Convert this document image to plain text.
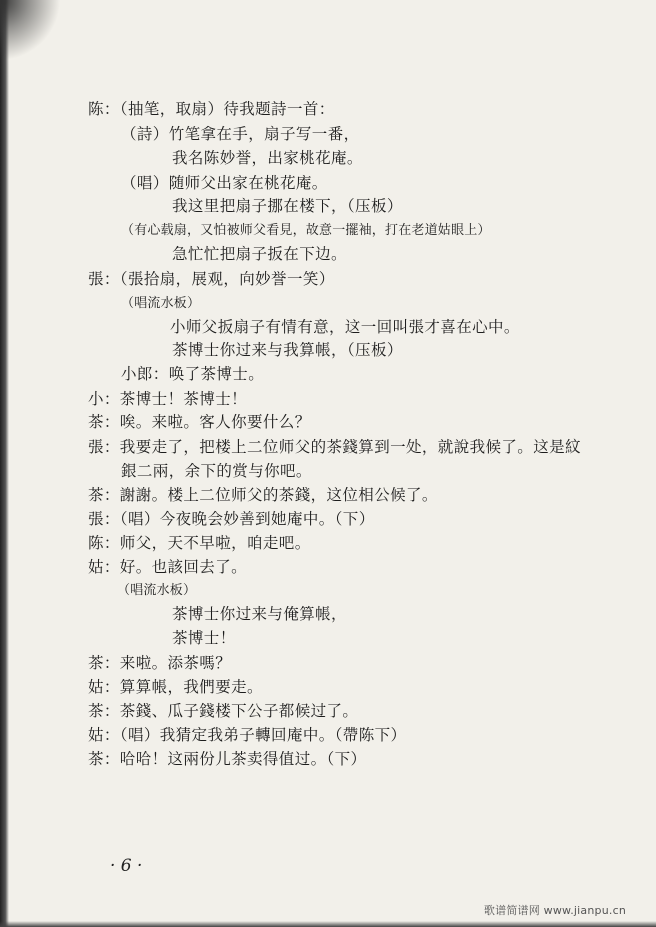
陈：（抽笔，取扇）待我题詩一首：
（詩）竹笔拿在手，扇子写一番，
我名陈妙誉，出家桃花庵。
（唱）随师父出家在桃花庵。
我这里把扇子挪在楼下，（压板）
（有心载扇，又怕被师父看見，故意一擺袖，打在老道姑眼上）
急忙忙把扇子扳在下边。
張：（張拾扇，展观，向妙誉一笑）
（唱流水板）
小师父扳扇子有情有意，这一回叫張才喜在心中。
茶博士你过来与我算帳，（压板）
小郎：唤了茶博士。
小：茶博士！茶博士！
茶：唉。来啦。客人你要什么？
張：我要走了，把楼上二位师父的茶錢算到一处，就說我候了。这是紋
銀二兩，余下的赏与你吧。
茶：謝謝。楼上二位师父的茶錢，这位相公候了。
張：（唱）今夜晚会妙善到她庵中。（下）
陈：师父，天不早啦，咱走吧。
姑：好。也該回去了。
（唱流水板）
茶博士你过来与俺算帳，
茶博士！
茶：来啦。添茶嗎？
姑：算算帳，我們要走。
茶：茶錢、瓜子錢楼下公子都候过了。
姑：（唱）我猜定我弟子轉回庵中。（帶陈下）
茶：哈哈！这兩份儿茶卖得值过。（下）
· 6 ·
歌谱简谱网 www.jianpu.cn
